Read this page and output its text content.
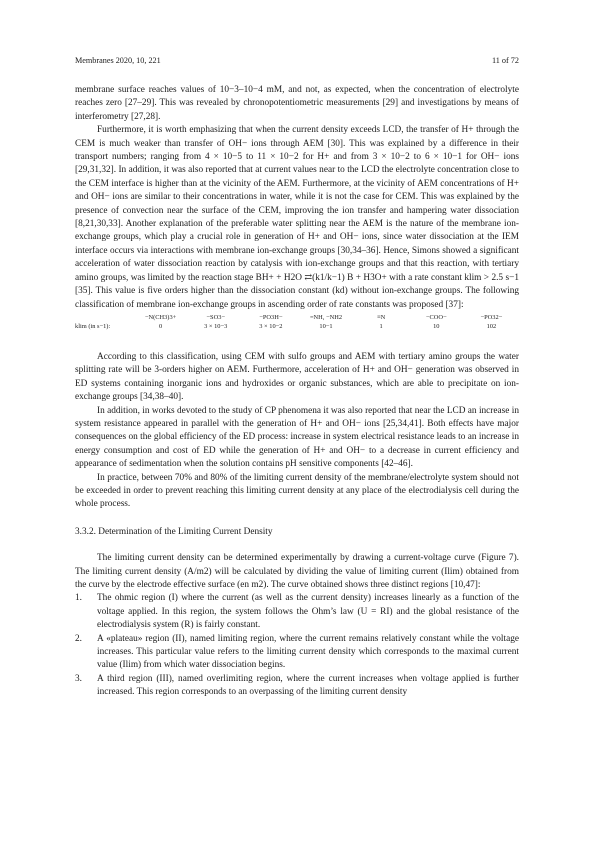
Membranes 2020, 10, 221	11 of 72

membrane surface reaches values of 10−3–10−4 mM, and not, as expected, when the concentration of electrolyte reaches zero [27–29]. This was revealed by chronopotentiometric measurements [29] and investigations by means of interferometry [27,28].

Furthermore, it is worth emphasizing that when the current density exceeds LCD, the transfer of H+ through the CEM is much weaker than transfer of OH− ions through AEM [30]. This was explained by a difference in their transport numbers; ranging from 4 × 10−5 to 11 × 10−2 for H+ and from 3 × 10−2 to 6 × 10−1 for OH− ions [29,31,32]. In addition, it was also reported that at current values near to the LCD the electrolyte concentration close to the CEM interface is higher than at the vicinity of the AEM. Furthermore, at the vicinity of AEM concentrations of H+ and OH− ions are similar to their concentrations in water, while it is not the case for CEM. This was explained by the presence of convection near the surface of the CEM, improving the ion transfer and hampering water dissociation [8,21,30,33]. Another explanation of the preferable water splitting near the AEM is the nature of the membrane ion-exchange groups, which play a crucial role in generation of H+ and OH− ions, since water dissociation at the IEM interface occurs via interactions with membrane ion-exchange groups [30,34–36]. Hence, Simons showed a significant acceleration of water dissociation reaction by catalysis with ion-exchange groups and that this reaction, with tertiary amino groups, was limited by the reaction stage BH+ + H2O ⇄(k1/k−1) B + H3O+ with a rate constant klim > 2.5 s−1 [35]. This value is five orders higher than the dissociation constant (kd) without ion-exchange groups. The following classification of membrane ion-exchange groups in ascending order of rate constants was proposed [37]:

−N(CH3)3+	−SO3−	−PO3H−	=NH, −NH2	≡N	−COO−	−PO32−
klim (in s−1):	0	3 × 10−3	3 × 10−2	10−1	1	10	102

According to this classification, using CEM with sulfo groups and AEM with tertiary amino groups the water splitting rate will be 3-orders higher on AEM. Furthermore, acceleration of H+ and OH− generation was observed in ED systems containing inorganic ions and hydroxides or organic substances, which are able to precipitate on ion-exchange groups [34,38–40].

In addition, in works devoted to the study of CP phenomena it was also reported that near the LCD an increase in system resistance appeared in parallel with the generation of H+ and OH− ions [25,34,41]. Both effects have major consequences on the global efficiency of the ED process: increase in system electrical resistance leads to an increase in energy consumption and cost of ED while the generation of H+ and OH− to a decrease in current efficiency and appearance of sedimentation when the solution contains pH sensitive components [42–46].

In practice, between 70% and 80% of the limiting current density of the membrane/electrolyte system should not be exceeded in order to prevent reaching this limiting current density at any place of the electrodialysis cell during the whole process.

3.3.2. Determination of the Limiting Current Density

The limiting current density can be determined experimentally by drawing a current-voltage curve (Figure 7). The limiting current density (A/m2) will be calculated by dividing the value of limiting current (Ilim) obtained from the curve by the electrode effective surface (en m2). The curve obtained shows three distinct regions [10,47]:

1. The ohmic region (I) where the current (as well as the current density) increases linearly as a function of the voltage applied. In this region, the system follows the Ohm’s law (U = RI) and the global resistance of the electrodialysis system (R) is fairly constant.
2. A «plateau» region (II), named limiting region, where the current remains relatively constant while the voltage increases. This particular value refers to the limiting current density which corresponds to the maximal current value (Ilim) from which water dissociation begins.
3. A third region (III), named overlimiting region, where the current increases when voltage applied is further increased. This region corresponds to an overpassing of the limiting current density
